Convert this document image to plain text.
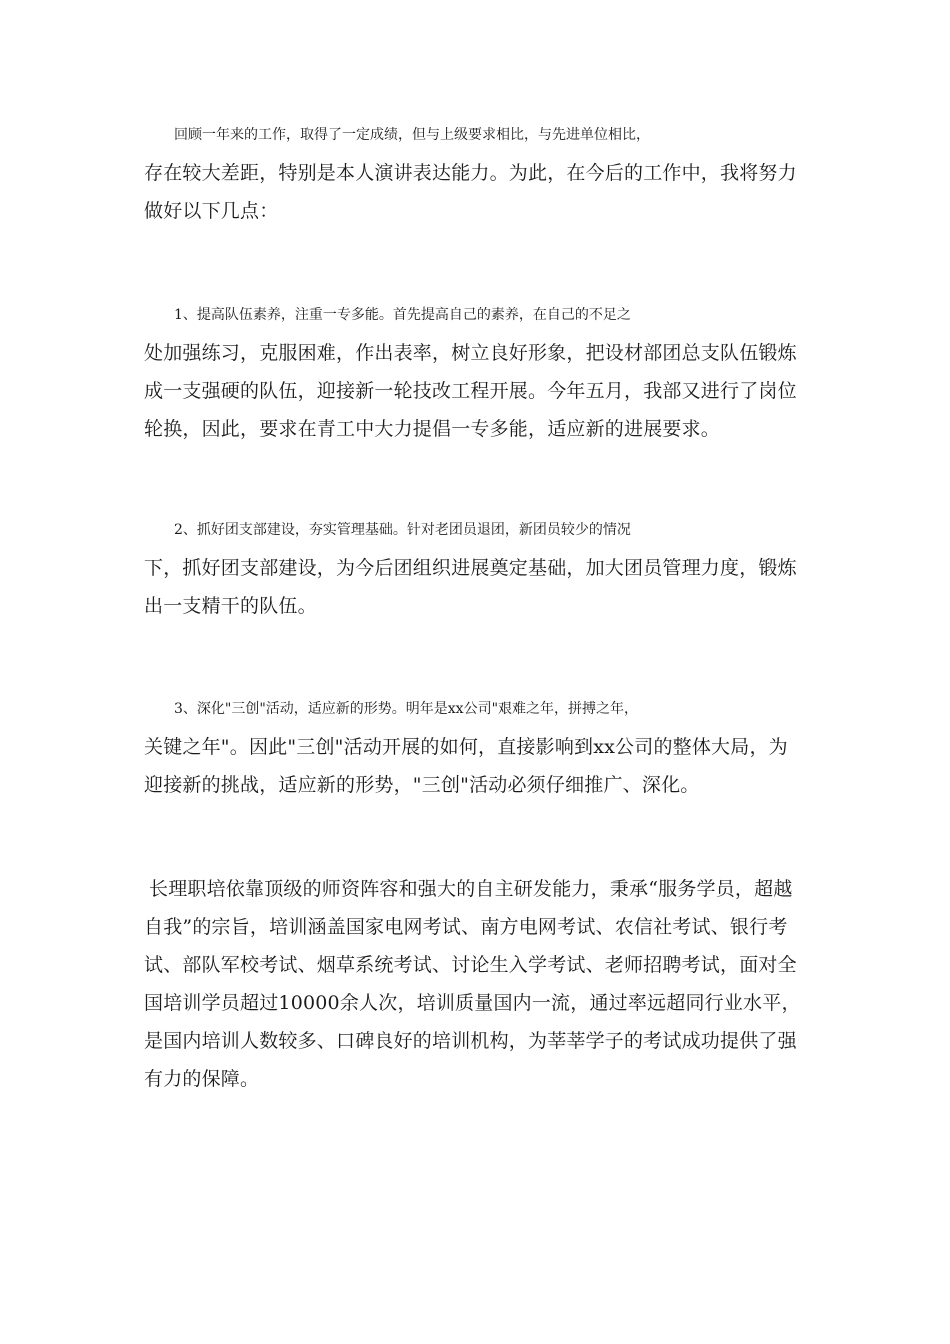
回顾一年来的工作，取得了一定成绩，但与上级要求相比，与先进单位相比，
存在较大差距，特别是本人演讲表达能力。为此，在今后的工作中，我将努力
做好以下几点：
1、提高队伍素养，注重一专多能。首先提高自己的素养，在自己的不足之
处加强练习，克服困难，作出表率，树立良好形象，把设材部团总支队伍锻炼
成一支强硬的队伍，迎接新一轮技改工程开展。今年五月，我部又进行了岗位
轮换，因此，要求在青工中大力提倡一专多能，适应新的进展要求。
2、抓好团支部建设，夯实管理基础。针对老团员退团，新团员较少的情况
下，抓好团支部建设，为今后团组织进展奠定基础，加大团员管理力度，锻炼
出一支精干的队伍。
3、深化"三创"活动，适应新的形势。明年是xx公司"艰难之年，拼搏之年，
关键之年"。因此"三创"活动开展的如何，直接影响到xx公司的整体大局，为
迎接新的挑战，适应新的形势，"三创"活动必须仔细推广、深化。
长理职培依靠顶级的师资阵容和强大的自主研发能力，秉承“服务学员，超越
自我”的宗旨，培训涵盖国家电网考试、南方电网考试、农信社考试、银行考
试、部队军校考试、烟草系统考试、讨论生入学考试、老师招聘考试，面对全
国培训学员超过10000余人次，培训质量国内一流，通过率远超同行业水平，
是国内培训人数较多、口碑良好的培训机构，为莘莘学子的考试成功提供了强
有力的保障。
